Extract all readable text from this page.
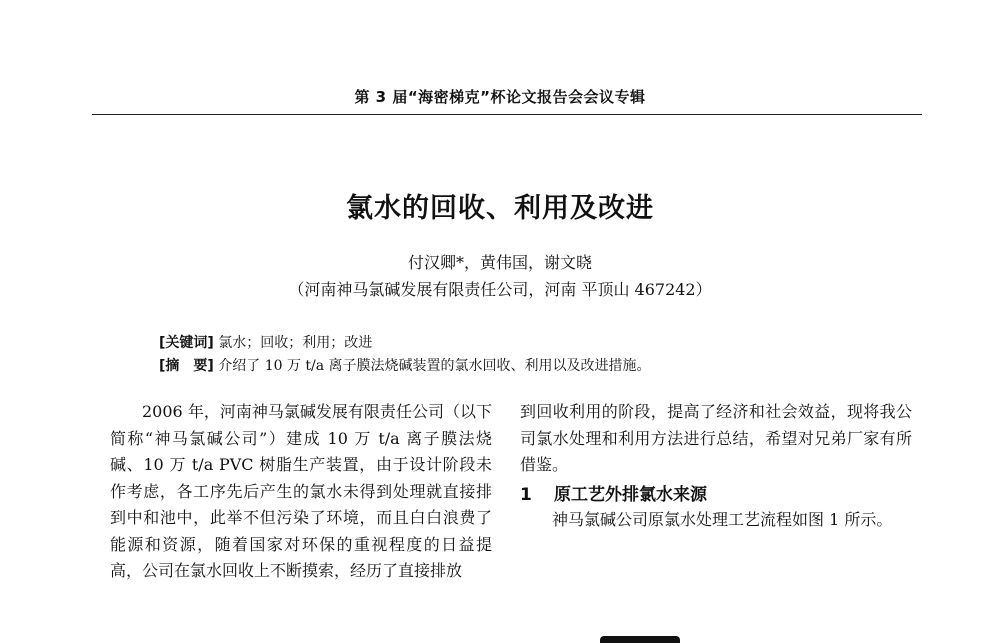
第 3 届“海密梯克”杯论文报告会会议专辑
氯水的回收、利用及改进
付汉卿*，黄伟国，谢文晓
（河南神马氯碱发展有限责任公司，河南 平顶山 467242）
[关键词] 氯水；回收；利用；改进
[摘　要] 介绍了 10 万 t/a 离子膜法烧碱装置的氯水回收、利用以及改进措施。

2006 年，河南神马氯碱发展有限责任公司（以下简称“神马氯碱公司”）建成 10 万 t/a 离子膜法烧碱、10 万 t/a PVC 树脂生产装置，由于设计阶段未作考虑，各工序先后产生的氯水未得到处理就直接排到中和池中，此举不但污染了环境，而且白白浪费了能源和资源，随着国家对环保的重视程度的日益提高，公司在氯水回收上不断摸索，经历了直接排放

到回收利用的阶段，提高了经济和社会效益，现将我公司氯水处理和利用方法进行总结，希望对兄弟厂家有所借鉴。

1 原工艺外排氯水来源

神马氯碱公司原氯水处理工艺流程如图 1 所示。
